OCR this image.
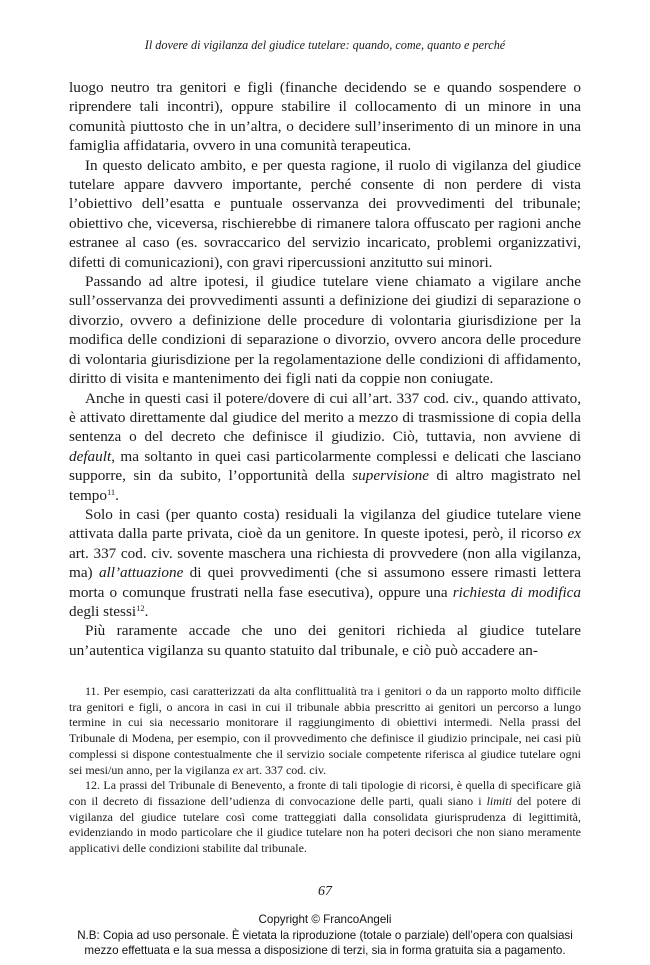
Il dovere di vigilanza del giudice tutelare: quando, come, quanto e perché

luogo neutro tra genitori e figli (finanche decidendo se e quando sospendere o riprendere tali incontri), oppure stabilire il collocamento di un minore in una comunità piuttosto che in un’altra, o decidere sull’inserimento di un minore in una famiglia affidataria, ovvero in una comunità terapeutica.

In questo delicato ambito, e per questa ragione, il ruolo di vigilanza del giudice tutelare appare davvero importante, perché consente di non perdere di vista l’obiettivo dell’esatta e puntuale osservanza dei provvedimenti del tribunale; obiettivo che, viceversa, rischierebbe di rimanere talora offuscato per ragioni anche estranee al caso (es. sovraccarico del servizio incaricato, problemi organizzativi, difetti di comunicazioni), con gravi ripercussioni anzitutto sui minori.

Passando ad altre ipotesi, il giudice tutelare viene chiamato a vigilare anche sull’osservanza dei provvedimenti assunti a definizione dei giudizi di separazione o divorzio, ovvero a definizione delle procedure di volontaria giurisdizione per la modifica delle condizioni di separazione o divorzio, ovvero ancora delle procedure di volontaria giurisdizione per la regolamentazione delle condizioni di affidamento, diritto di visita e mantenimento dei figli nati da coppie non coniugate.

Anche in questi casi il potere/dovere di cui all’art. 337 cod. civ., quando attivato, è attivato direttamente dal giudice del merito a mezzo di trasmissione di copia della sentenza o del decreto che definisce il giudizio. Ciò, tuttavia, non avviene di default, ma soltanto in quei casi particolarmente complessi e delicati che lasciano supporre, sin da subito, l’opportunità della supervisione di altro magistrato nel tempo$^{11}$.

Solo in casi (per quanto costa) residuali la vigilanza del giudice tutelare viene attivata dalla parte privata, cioè da un genitore. In queste ipotesi, però, il ricorso ex art. 337 cod. civ. sovente maschera una richiesta di provvedere (non alla vigilanza, ma) all’attuazione di quei provvedimenti (che si assumono essere rimasti lettera morta o comunque frustrati nella fase esecutiva), oppure una richiesta di modifica degli stessi$^{12}$.

Più raramente accade che uno dei genitori richieda al giudice tutelare un’autentica vigilanza su quanto statuito dal tribunale, e ciò può accadere an-

11. Per esempio, casi caratterizzati da alta conflittualità tra i genitori o da un rapporto molto difficile tra genitori e figli, o ancora in casi in cui il tribunale abbia prescritto ai genitori un percorso a lungo termine in cui sia necessario monitorare il raggiungimento di obiettivi intermedi. Nella prassi del Tribunale di Modena, per esempio, con il provvedimento che definisce il giudizio principale, nei casi più complessi si dispone contestualmente che il servizio sociale competente riferisca al giudice tutelare ogni sei mesi/un anno, per la vigilanza ex art. 337 cod. civ.

12. La prassi del Tribunale di Benevento, a fronte di tali tipologie di ricorsi, è quella di specificare già con il decreto di fissazione dell’udienza di convocazione delle parti, quali siano i limiti del potere di vigilanza del giudice tutelare così come tratteggiati dalla consolidata giurisprudenza di legittimità, evidenziando in modo particolare che il giudice tutelare non ha poteri decisori che non siano meramente applicativi delle condizioni stabilite dal tribunale.

67
Copyright © FrancoAngeli
N.B: Copia ad uso personale. È vietata la riproduzione (totale o parziale) dell’opera con qualsiasi
mezzo effettuata e la sua messa a disposizione di terzi, sia in forma gratuita sia a pagamento.
